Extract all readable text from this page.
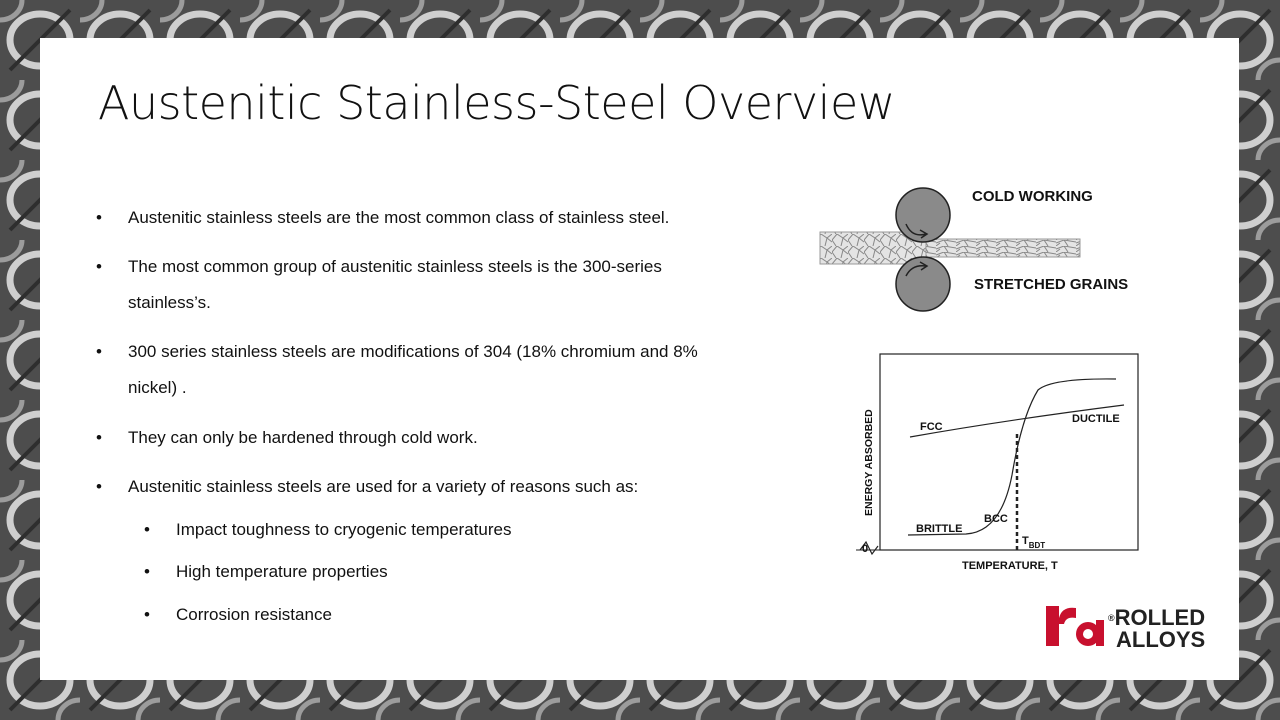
Austenitic Stainless-Steel Overview
•	Austenitic stainless steels are the most common class of stainless steel.
•	The most common group of austenitic stainless steels is the 300-series
stainless’s.
•	300 series stainless steels are modifications of 304 (18% chromium and 8%
nickel) .
•	They can only be hardened through cold work.
•	Austenitic stainless steels are used for a variety of reasons such as:
•	Impact toughness to cryogenic temperatures
•	High temperature properties
•	Corrosion resistance
COLD WORKING
STRETCHED GRAINS
ENERGY ABSORBED
TEMPERATURE, T
0
FCC
BCC
DUCTILE
BRITTLE
$T_{BDT}$
®ROLLED
ALLOYS
